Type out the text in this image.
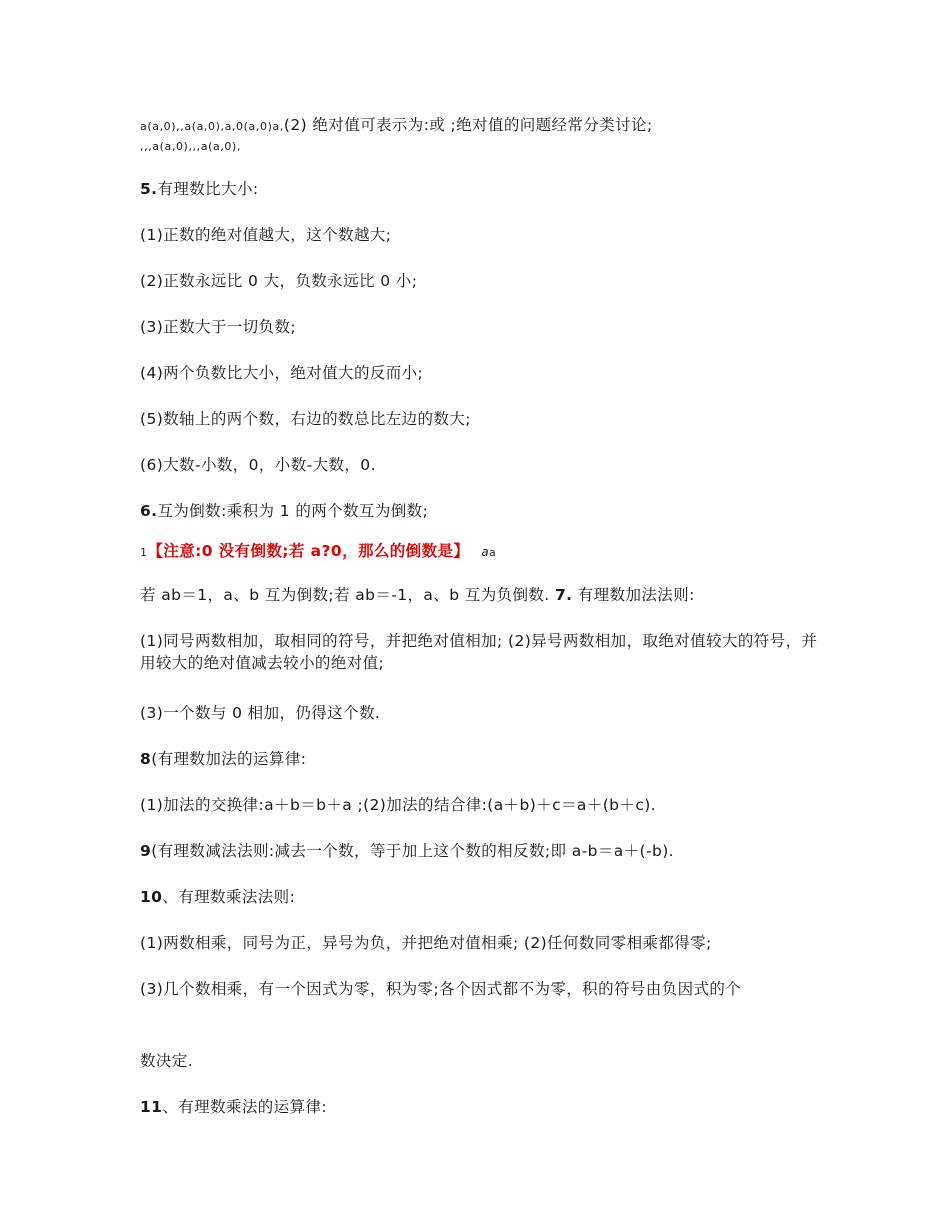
a(a,0),,a(a,0),a,0(a,0)a,(2) 绝对值可表示为:或 ;绝对值的问题经常分类讨论;

,,,a(a,0),,,a(a,0),

5.有理数比大小:

(1)正数的绝对值越大，这个数越大;

(2)正数永远比 0 大，负数永远比 0 小;

(3)正数大于一切负数;

(4)两个负数比大小，绝对值大的反而小;

(5)数轴上的两个数，右边的数总比左边的数大;

(6)大数-小数，0，小数-大数，0.

6.互为倒数:乘积为 1 的两个数互为倒数;

1【注意:0 没有倒数;若 a?0，那么的倒数是】 aa

若 ab＝1，a、b 互为倒数;若 ab＝-1，a、b 互为负倒数. 7. 有理数加法法则:

(1)同号两数相加，取相同的符号，并把绝对值相加; (2)异号两数相加，取绝对值较大的符号，并用较大的绝对值减去较小的绝对值;

(3)一个数与 0 相加，仍得这个数.

8(有理数加法的运算律:

(1)加法的交换律:a＋b＝b＋a ;(2)加法的结合律:(a＋b)＋c＝a＋(b＋c).

9(有理数减法法则:减去一个数，等于加上这个数的相反数;即 a-b＝a＋(-b).

10、有理数乘法法则:

(1)两数相乘，同号为正，异号为负，并把绝对值相乘; (2)任何数同零相乘都得零;

(3)几个数相乘，有一个因式为零，积为零;各个因式都不为零，积的符号由负因式的个

数决定.

11、有理数乘法的运算律:
